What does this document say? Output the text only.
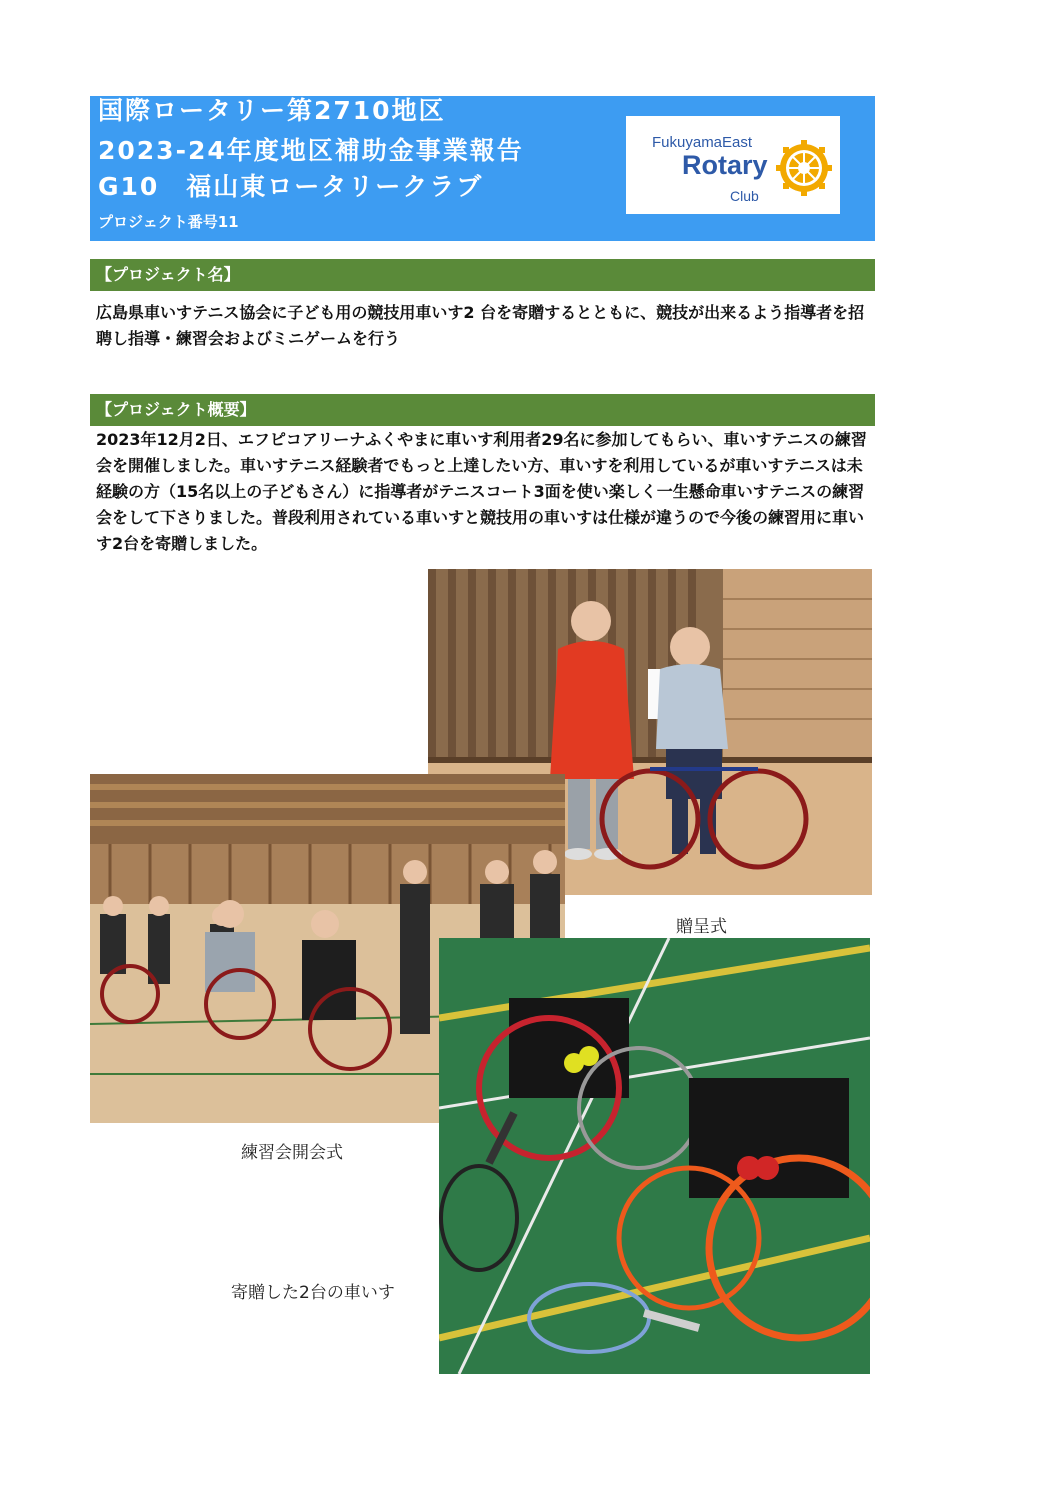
国際ロータリー第2710地区
2023-24年度地区補助金事業報告
G10　福山東ロータリークラブ
プロジェクト番号11
FukuyamaEast
Rotary
Club
【プロジェクト名】
広島県車いすテニス協会に子ども用の競技用車いす2 台を寄贈するとともに、競技が出来るよう指導者を招聘し指導・練習会およびミニゲームを行う
【プロジェクト概要】
2023年12月2日、エフピコアリーナふくやまに車いす利用者29名に参加してもらい、車いすテニスの練習会を開催しました。車いすテニス経験者でもっと上達したい方、車いすを利用しているが車いすテニスは未経験の方（15名以上の子どもさん）に指導者がテニスコート3面を使い楽しく一生懸命車いすテニスの練習会をして下さりました。普段利用されている車いすと競技用の車いすは仕様が違うので今後の練習用に車いす2台を寄贈しました。
贈呈式
練習会開会式
寄贈した2台の車いす
